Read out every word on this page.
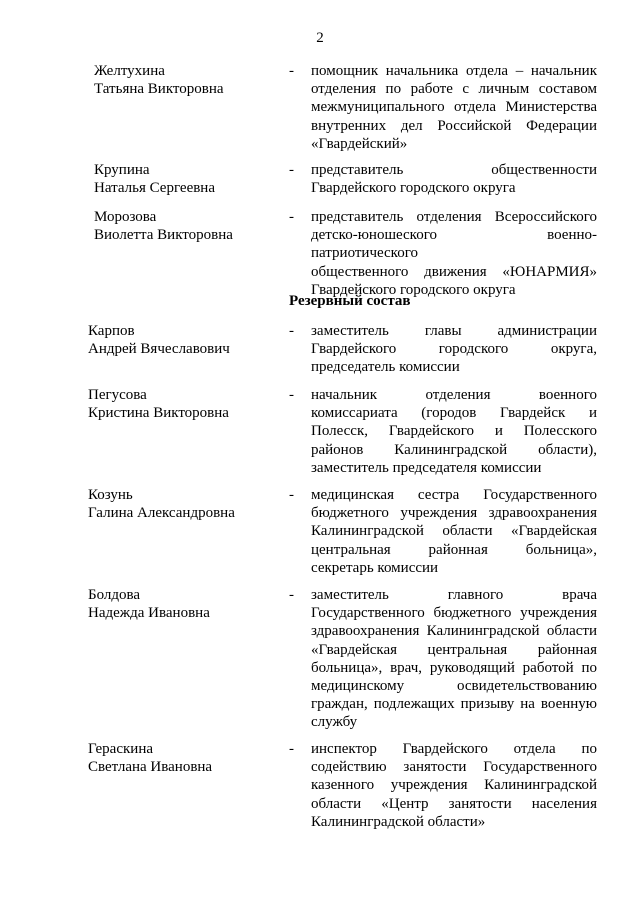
2
Желтухина
Татьяна Викторовна
- помощник начальника отдела – начальник
отделения по работе с личным составом
межмуниципального отдела Министерства
внутренних дел Российской Федерации
«Гвардейский»
Крупина
Наталья Сергеевна
- представитель общественности
Гвардейского городского округа
Морозова
Виолетта Викторовна
- представитель отделения Всероссийского
детско-юношеского военно-патриотического
общественного движения «ЮНАРМИЯ»
Гвардейского городского округа
Резервный состав
Карпов
Андрей Вячеславович
- заместитель главы администрации
Гвардейского городского округа,
председатель комиссии
Пегусова
Кристина Викторовна
- начальник отделения военного
комиссариата (городов Гвардейск и
Полесск, Гвардейского и Полесского
районов Калининградской области),
заместитель председателя комиссии
Козунь
Галина Александровна
- медицинская сестра Государственного
бюджетного учреждения здравоохранения
Калининградской области «Гвардейская
центральная районная больница»,
секретарь комиссии
Болдова
Надежда Ивановна
- заместитель главного врача
Государственного бюджетного учреждения
здравоохранения Калининградской области
«Гвардейская центральная районная
больница», врач, руководящий работой по
медицинскому освидетельствованию
граждан, подлежащих призыву на военную
службу
Гераскина
Светлана Ивановна
- инспектор Гвардейского отдела по
содействию занятости Государственного
казенного учреждения Калининградской
области «Центр занятости населения
Калининградской области»
